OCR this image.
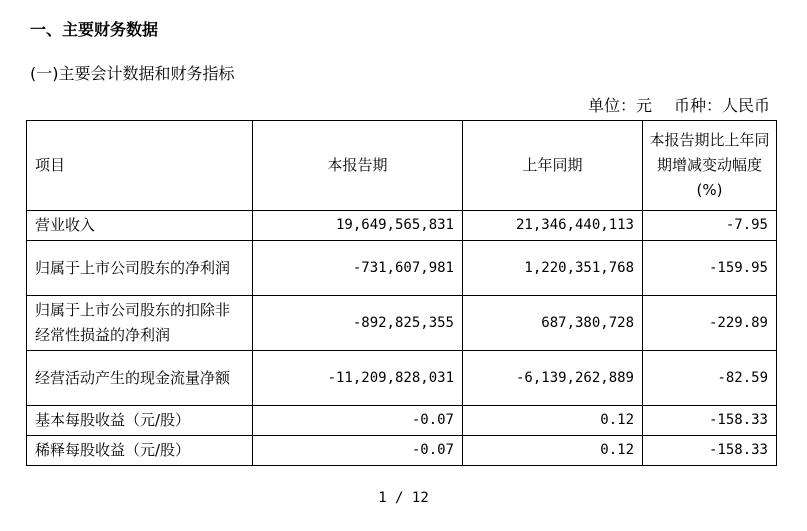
一、主要财务数据
(一)主要会计数据和财务指标
单位：元 币种：人民币
项目	本报告期	上年同期	本报告期比上年同
期增减变动幅度
(%)

营业收入	19,649,565,831	21,346,440,113	-7.95
归属于上市公司股东的净利润	-731,607,981	1,220,351,768	-159.95
归属于上市公司股东的扣除非经常性损益的净利润	-892,825,355	687,380,728	-229.89
经营活动产生的现金流量净额	-11,209,828,031	-6,139,262,889	-82.59
基本每股收益（元/股）	-0.07	0.12	-158.33
稀释每股收益（元/股）	-0.07	0.12	-158.33
1 / 12
